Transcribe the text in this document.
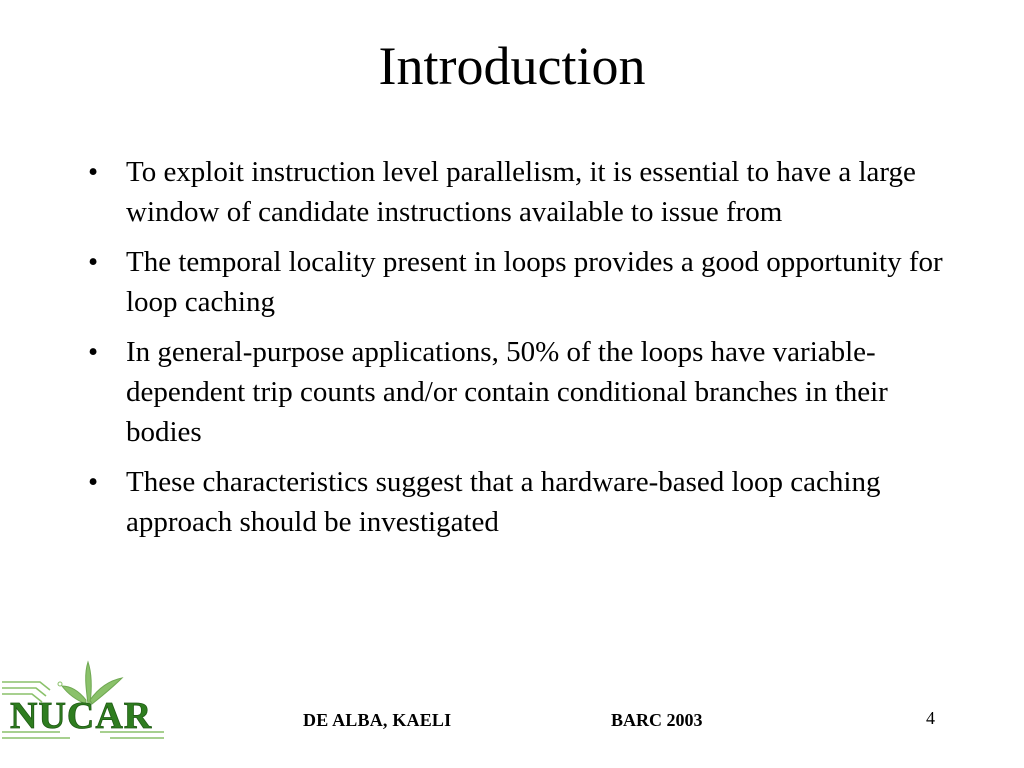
Introduction
• To exploit instruction level parallelism, it is essential to have a large window of candidate instructions available to issue from
• The temporal locality present in loops provides a good opportunity for loop caching
• In general-purpose applications, 50% of the loops have variable-dependent trip counts and/or contain conditional branches in their bodies
• These characteristics suggest that a hardware-based loop caching approach should be investigated
NUCAR	DE ALBA, KAELI	BARC 2003	4
